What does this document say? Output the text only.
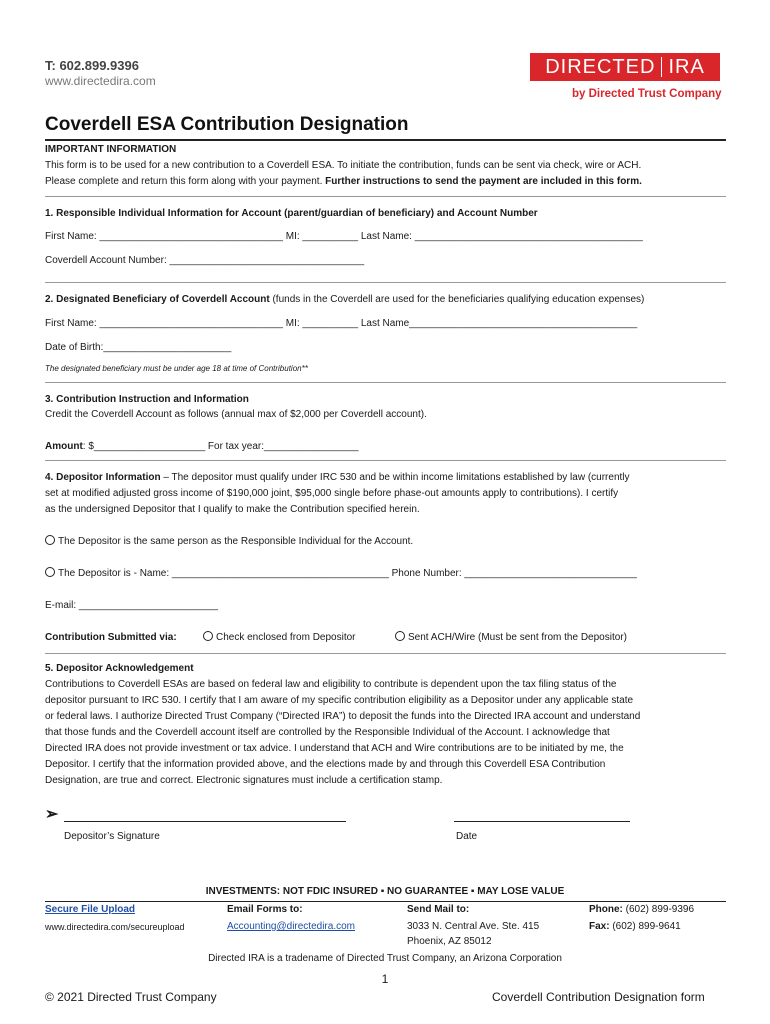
T: 602.899.9396
www.directedira.com
DIRECTED IRA
by Directed Trust Company
Coverdell ESA Contribution Designation
IMPORTANT INFORMATION
This form is to be used for a new contribution to a Coverdell ESA. To initiate the contribution, funds can be sent via check, wire or ACH.
Please complete and return this form along with your payment. Further instructions to send the payment are included in this form.
1. Responsible Individual Information for Account (parent/guardian of beneficiary) and Account Number
First Name: _________________________________ MI: __________ Last Name: _________________________________________
Coverdell Account Number: ___________________________________
2. Designated Beneficiary of Coverdell Account (funds in the Coverdell are used for the beneficiaries qualifying education expenses)
First Name: _________________________________ MI: __________ Last Name_________________________________________
Date of Birth:_______________________
The designated beneficiary must be under age 18 at time of Contribution**
3. Contribution Instruction and Information
Credit the Coverdell Account as follows (annual max of $2,000 per Coverdell account).
Amount: $____________________ For tax year:_________________
4. Depositor Information – The depositor must qualify under IRC 530 and be within income limitations established by law (currently
set at modified adjusted gross income of $190,000 joint, $95,000 single before phase-out amounts apply to contributions). I certify
as the undersigned Depositor that I qualify to make the Contribution specified herein.
The Depositor is the same person as the Responsible Individual for the Account.
The Depositor is - Name: _______________________________________ Phone Number: _______________________________
E-mail: _________________________
Contribution Submitted via:	Check enclosed from Depositor	Sent ACH/Wire (Must be sent from the Depositor)
5. Depositor Acknowledgement
Contributions to Coverdell ESAs are based on federal law and eligibility to contribute is dependent upon the tax filing status of the
depositor pursuant to IRC 530. I certify that I am aware of my specific contribution eligibility as a Depositor under any applicable state
or federal laws. I authorize Directed Trust Company (“Directed IRA”) to deposit the funds into the Directed IRA account and understand
that those funds and the Coverdell account itself are controlled by the Responsible Individual of the Account. I acknowledge that
Directed IRA does not provide investment or tax advice. I understand that ACH and Wire contributions are to be initiated by me, the
Depositor. I certify that the information provided above, and the elections made by and through this Coverdell ESA Contribution
Designation, are true and correct. Electronic signatures must include a certification stamp.
➢
Depositor’s Signature	Date
INVESTMENTS: NOT FDIC INSURED ▪ NO GUARANTEE ▪ MAY LOSE VALUE
Secure File Upload
www.directedira.com/secureupload
Email Forms to:
Accounting@directedira.com
Send Mail to:
3033 N. Central Ave. Ste. 415
Phoenix, AZ 85012
Phone: (602) 899-9396
Fax: (602) 899-9641
Directed IRA is a tradename of Directed Trust Company, an Arizona Corporation
1
© 2021 Directed Trust Company	Coverdell Contribution Designation form
